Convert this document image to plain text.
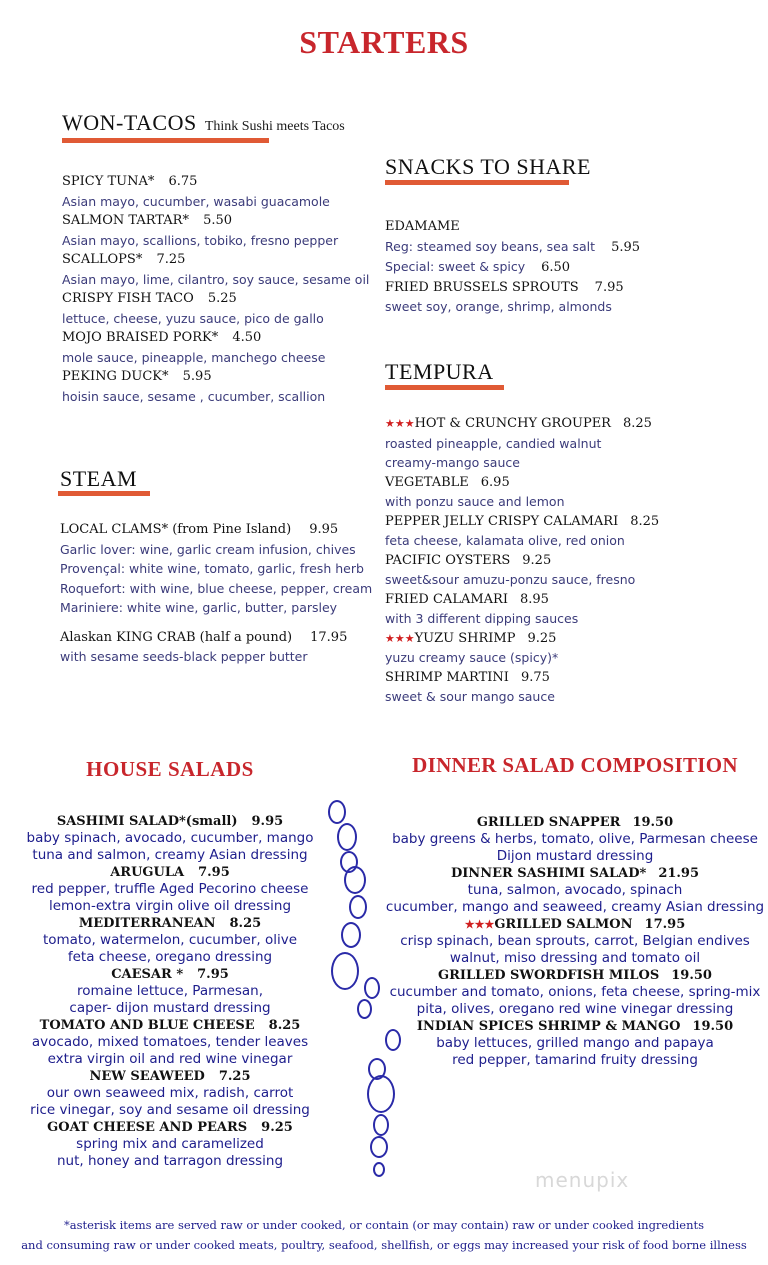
STARTERS
WON-TACOS Think Sushi meets Tacos
SPICY TUNA* 6.75
Asian mayo, cucumber, wasabi guacamole
SALMON TARTAR* 5.50
Asian mayo, scallions, tobiko, fresno pepper
SCALLOPS* 7.25
Asian mayo, lime, cilantro, soy sauce, sesame oil
CRISPY FISH TACO 5.25
lettuce, cheese, yuzu sauce, pico de gallo
MOJO BRAISED PORK* 4.50
mole sauce, pineapple, manchego cheese
PEKING DUCK* 5.95
hoisin sauce, sesame , cucumber, scallion
STEAM
LOCAL CLAMS* (from Pine Island) 9.95
Garlic lover: wine, garlic cream infusion, chives
Provençal: white wine, tomato, garlic, fresh herb
Roquefort: with wine, blue cheese, pepper, cream
Mariniere: white wine, garlic, butter, parsley
Alaskan KING CRAB (half a pound) 17.95
with sesame seeds-black pepper butter
SNACKS TO SHARE
EDAMAME
Reg: steamed soy beans, sea salt 5.95
Special: sweet & spicy 6.50
FRIED BRUSSELS SPROUTS 7.95
sweet soy, orange, shrimp, almonds
TEMPURA
★★★HOT & CRUNCHY GROUPER 8.25
roasted pineapple, candied walnut
creamy-mango sauce
VEGETABLE 6.95
with ponzu sauce and lemon
PEPPER JELLY CRISPY CALAMARI 8.25
feta cheese, kalamata olive, red onion
PACIFIC OYSTERS 9.25
sweet&sour amuzu-ponzu sauce, fresno
FRIED CALAMARI 8.95
with 3 different dipping sauces
★★★YUZU SHRIMP 9.25
yuzu creamy sauce (spicy)*
SHRIMP MARTINI 9.75
sweet & sour mango sauce
HOUSE SALADS
SASHIMI SALAD*(small) 9.95
baby spinach, avocado, cucumber, mango
tuna and salmon, creamy Asian dressing
ARUGULA 7.95
red pepper, truffle Aged Pecorino cheese
lemon-extra virgin olive oil dressing
MEDITERRANEAN 8.25
tomato, watermelon, cucumber, olive
feta cheese, oregano dressing
CAESAR * 7.95
romaine lettuce, Parmesan,
caper- dijon mustard dressing
TOMATO AND BLUE CHEESE 8.25
avocado, mixed tomatoes, tender leaves
extra virgin oil and red wine vinegar
NEW SEAWEED 7.25
our own seaweed mix, radish, carrot
rice vinegar, soy and sesame oil dressing
GOAT CHEESE AND PEARS 9.25
spring mix and caramelized
nut, honey and tarragon dressing
DINNER SALAD COMPOSITION
GRILLED SNAPPER 19.50
baby greens & herbs, tomato, olive, Parmesan cheese
Dijon mustard dressing
DINNER SASHIMI SALAD* 21.95
tuna, salmon, avocado, spinach
cucumber, mango and seaweed, creamy Asian dressing
★★★GRILLED SALMON 17.95
crisp spinach, bean sprouts, carrot, Belgian endives
walnut, miso dressing and tomato oil
GRILLED SWORDFISH MILOS 19.50
cucumber and tomato, onions, feta cheese, spring-mix
pita, olives, oregano red wine vinegar dressing
INDIAN SPICES SHRIMP & MANGO 19.50
baby lettuces, grilled mango and papaya
red pepper, tamarind fruity dressing
menupix
*asterisk items are served raw or under cooked, or contain (or may contain) raw or under cooked ingredients
and consuming raw or under cooked meats, poultry, seafood, shellfish, or eggs may increased your risk of food borne illness
